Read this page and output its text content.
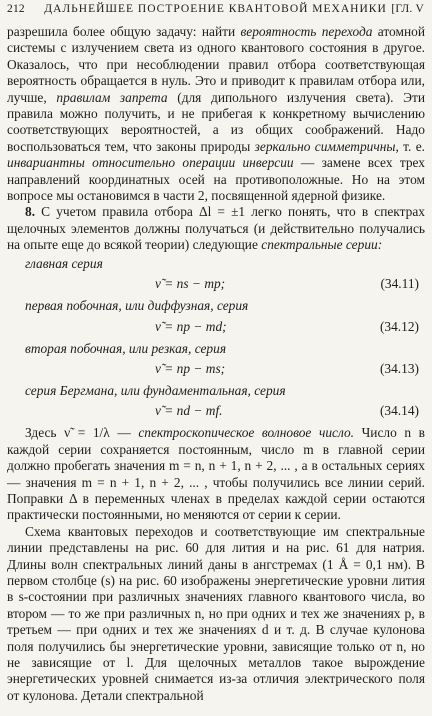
212	ДАЛЬНЕЙШЕЕ ПОСТРОЕНИЕ КВАНТОВОЙ МЕХАНИКИ [ГЛ. V

разрешила более общую задачу: найти вероятность перехода атомной системы с излучением света из одного квантового состояния в другое. Оказалось, что при несоблюдении правил отбора соответствующая вероятность обращается в нуль. Это и приводит к правилам отбора или, лучше, правилам запрета (для дипольного излучения света). Эти правила можно получить, и не прибегая к конкретному вычислению соответствующих вероятностей, а из общих соображений. Надо воспользоваться тем, что законы природы зеркально симметричны, т. е. инвариантны относительно операции инверсии — замене всех трех направлений координатных осей на противоположные. Но на этом вопросе мы остановимся в части 2, посвященной ядерной физике.

8. С учетом правила отбора Δl = ±1 легко понять, что в спектрах щелочных элементов должны получаться (и действительно получались на опыте еще до всякой теории) следующие спектральные серии:

главная серия
ν̃ = ns − mp;	(34.11)
первая побочная, или диффузная, серия
ν̃ = np − md;	(34.12)
вторая побочная, или резкая, серия
ν̃ = np − ms;	(34.13)
серия Бергмана, или фундаментальная, серия
ν̃ = nd − mf.	(34.14)

Здесь ν̃ = 1/λ — спектроскопическое волновое число. Число n в каждой серии сохраняется постоянным, число m в главной серии должно пробегать значения m = n, n + 1, n + 2, ... , а в остальных сериях — значения m = n + 1, n + 2, ... , чтобы получились все линии серий. Поправки Δ в переменных членах в пределах каждой серии остаются практически постоянными, но меняются от серии к серии.

Схема квантовых переходов и соответствующие им спектральные линии представлены на рис. 60 для лития и на рис. 61 для натрия. Длины волн спектральных линий даны в ангстремах (1 Å = 0,1 нм). В первом столбце (s) на рис. 60 изображены энергетические уровни лития в s-состоянии при различных значениях главного квантового числа, во втором — то же при различных n, но при одних и тех же значениях p, в третьем — при одних и тех же значениях d и т. д. В случае кулонова поля получились бы энергетические уровни, зависящие только от n, но не зависящие от l. Для щелочных металлов такое вырождение энергетических уровней снимается из-за отличия электрического поля от кулонова. Детали спектральной
